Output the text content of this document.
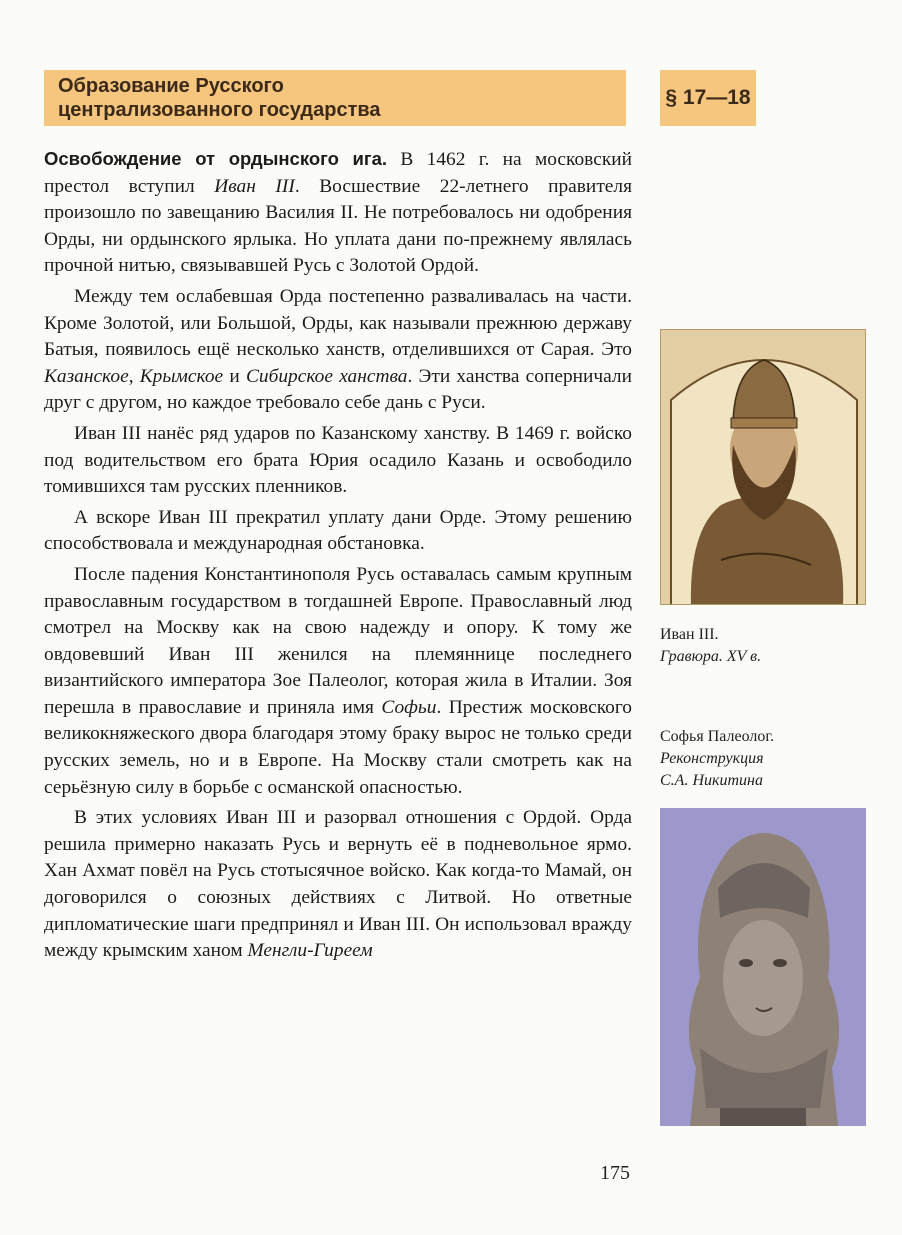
Образование Русского
централизованного государства
§ 17—18

Освобождение от ордынского ига. В 1462 г. на московский престол вступил Иван III. Восшествие 22-летнего правителя произошло по завещанию Василия II. Не потребовалось ни одобрения Орды, ни ордынского ярлыка. Но уплата дани по-прежнему являлась прочной нитью, связывавшей Русь с Золотой Ордой.

Между тем ослабевшая Орда постепенно разваливалась на части. Кроме Золотой, или Большой, Орды, как называли прежнюю державу Батыя, появилось ещё несколько ханств, отделившихся от Сарая. Это Казанское, Крымское и Сибирское ханства. Эти ханства соперничали друг с другом, но каждое требовало себе дань с Руси.

Иван III нанёс ряд ударов по Казанскому ханству. В 1469 г. войско под водительством его брата Юрия осадило Казань и освободило томившихся там русских пленников.

А вскоре Иван III прекратил уплату дани Орде. Этому решению способствовала и международная обстановка.

После падения Константинополя Русь оставалась самым крупным православным государством в тогдашней Европе. Православный люд смотрел на Москву как на свою надежду и опору. К тому же овдовевший Иван III женился на племяннице последнего византийского императора Зое Палеолог, которая жила в Италии. Зоя перешла в православие и приняла имя Софьи. Престиж московского великокняжеского двора благодаря этому браку вырос не только среди русских земель, но и в Европе. На Москву стали смотреть как на серьёзную силу в борьбе с османской опасностью.

В этих условиях Иван III и разорвал отношения с Ордой. Орда решила примерно наказать Русь и вернуть её в подневольное ярмо. Хан Ахмат повёл на Русь стотысячное войско. Как когда-то Мамай, он договорился о союзных действиях с Литвой. Но ответные дипломатические шаги предпринял и Иван III. Он использовал вражду между крымским ханом Менгли-Гиреем

Иван III.
Гравюра. XV в.
Софья Палеолог.
Реконструкция
С.А. Никитина
175
